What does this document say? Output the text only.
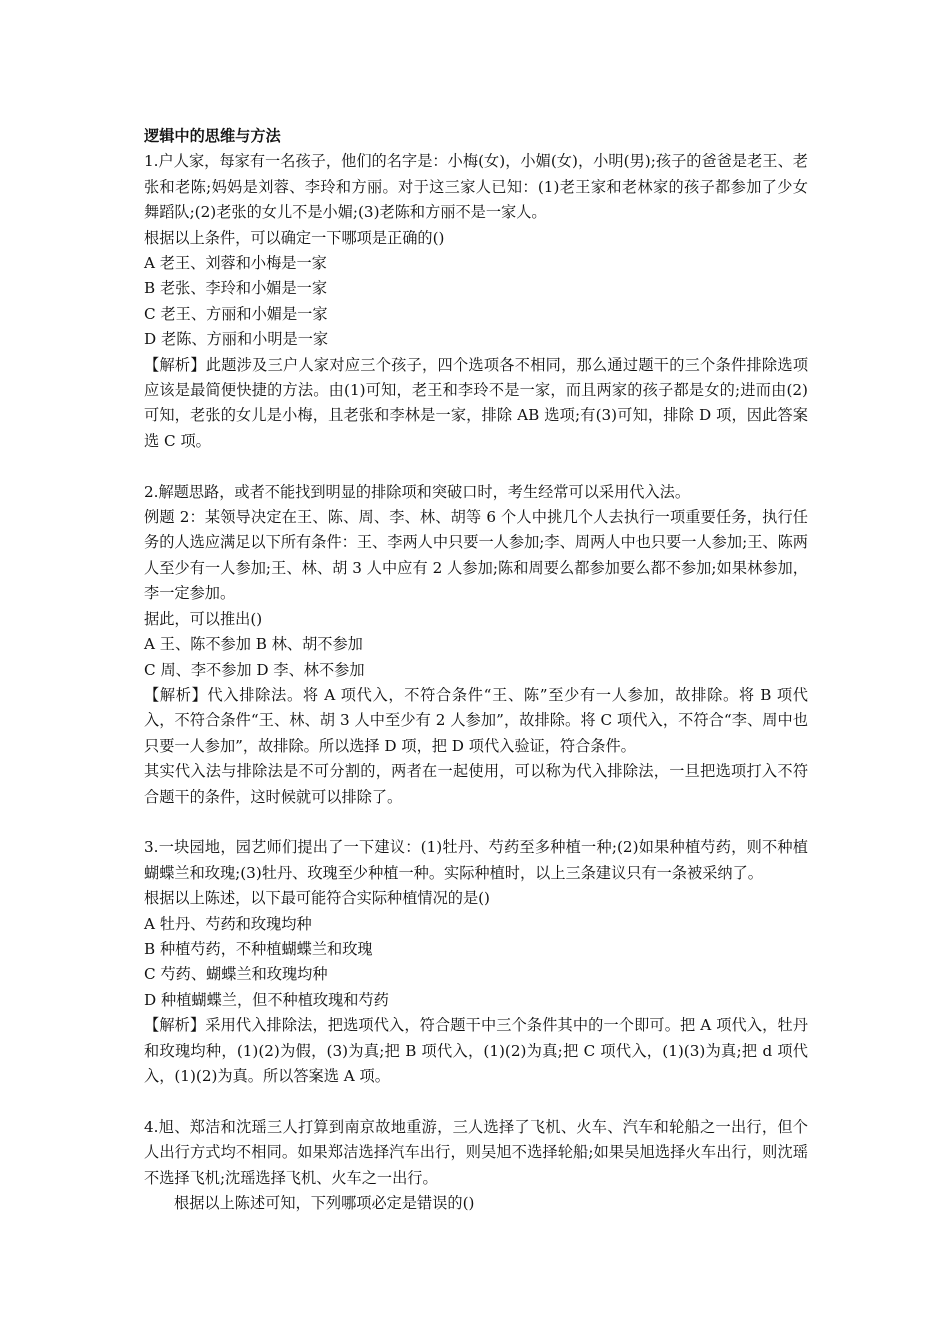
逻辑中的思维与方法
1.户人家，每家有一名孩子，他们的名字是：小梅(女)，小媚(女)，小明(男);孩子的爸爸是老王、老张和老陈;妈妈是刘蓉、李玲和方丽。对于这三家人已知：(1)老王家和老林家的孩子都参加了少女舞蹈队;(2)老张的女儿不是小媚;(3)老陈和方丽不是一家人。
根据以上条件，可以确定一下哪项是正确的()
A 老王、刘蓉和小梅是一家
B 老张、李玲和小媚是一家
C 老王、方丽和小媚是一家
D 老陈、方丽和小明是一家
【解析】此题涉及三户人家对应三个孩子，四个选项各不相同，那么通过题干的三个条件排除选项应该是最简便快捷的方法。由(1)可知，老王和李玲不是一家，而且两家的孩子都是女的;进而由(2)可知，老张的女儿是小梅，且老张和李林是一家，排除 AB 选项;有(3)可知，排除 D 项，因此答案选 C 项。
2.解题思路，或者不能找到明显的排除项和突破口时，考生经常可以采用代入法。
例题 2：某领导决定在王、陈、周、李、林、胡等 6 个人中挑几个人去执行一项重要任务，执行任务的人选应满足以下所有条件：王、李两人中只要一人参加;李、周两人中也只要一人参加;王、陈两人至少有一人参加;王、林、胡 3 人中应有 2 人参加;陈和周要么都参加要么都不参加;如果林参加，李一定参加。
据此，可以推出()
A 王、陈不参加 B 林、胡不参加
C 周、李不参加 D 李、林不参加
【解析】代入排除法。将 A 项代入，不符合条件“王、陈”至少有一人参加，故排除。将 B 项代入，不符合条件“王、林、胡 3 人中至少有 2 人参加”，故排除。将 C 项代入，不符合“李、周中也只要一人参加”，故排除。所以选择 D 项，把 D 项代入验证，符合条件。
其实代入法与排除法是不可分割的，两者在一起使用，可以称为代入排除法，一旦把选项打入不符合题干的条件，这时候就可以排除了。
3.一块园地，园艺师们提出了一下建议：(1)牡丹、芍药至多种植一种;(2)如果种植芍药，则不种植蝴蝶兰和玫瑰;(3)牡丹、玫瑰至少种植一种。实际种植时，以上三条建议只有一条被采纳了。
根据以上陈述，以下最可能符合实际种植情况的是()
A 牡丹、芍药和玫瑰均种
B 种植芍药，不种植蝴蝶兰和玫瑰
C 芍药、蝴蝶兰和玫瑰均种
D 种植蝴蝶兰，但不种植玫瑰和芍药
【解析】采用代入排除法，把选项代入，符合题干中三个条件其中的一个即可。把 A 项代入，牡丹和玫瑰均种，(1)(2)为假，(3)为真;把 B 项代入，(1)(2)为真;把 C 项代入，(1)(3)为真;把 d 项代入，(1)(2)为真。所以答案选 A 项。
4.旭、郑洁和沈瑶三人打算到南京故地重游，三人选择了飞机、火车、汽车和轮船之一出行，但个人出行方式均不相同。如果郑洁选择汽车出行，则吴旭不选择轮船;如果吴旭选择火车出行，则沈瑶不选择飞机;沈瑶选择飞机、火车之一出行。
根据以上陈述可知，下列哪项必定是错误的()
